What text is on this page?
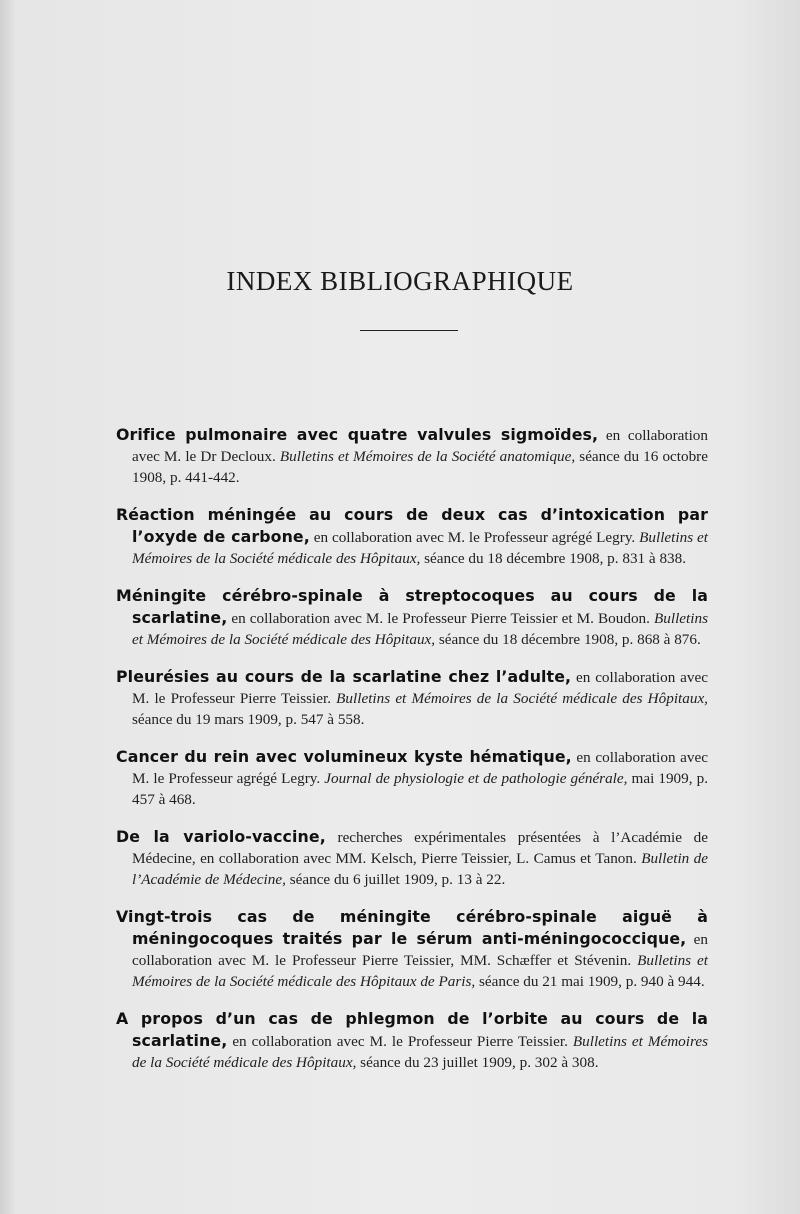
INDEX BIBLIOGRAPHIQUE

Orifice pulmonaire avec quatre valvules sigmoïdes, en collaboration avec M. le Dr Decloux. Bulletins et Mémoires de la Société anatomique, séance du 16 octobre 1908, p. 441-442.

Réaction méningée au cours de deux cas d’intoxication par l’oxyde de carbone, en collaboration avec M. le Professeur agrégé Legry. Bulletins et Mémoires de la Société médicale des Hôpitaux, séance du 18 décembre 1908, p. 831 à 838.

Méningite cérébro-spinale à streptocoques au cours de la scarlatine, en collaboration avec M. le Professeur Pierre Teissier et M. Boudon. Bulletins et Mémoires de la Société médicale des Hôpitaux, séance du 18 décembre 1908, p. 868 à 876.

Pleurésies au cours de la scarlatine chez l’adulte, en collaboration avec M. le Professeur Pierre Teissier. Bulletins et Mémoires de la Société médicale des Hôpitaux, séance du 19 mars 1909, p. 547 à 558.

Cancer du rein avec volumineux kyste hématique, en collaboration avec M. le Professeur agrégé Legry. Journal de physiologie et de pathologie générale, mai 1909, p. 457 à 468.

De la variolo-vaccine, recherches expérimentales présentées à l’Académie de Médecine, en collaboration avec MM. Kelsch, Pierre Teissier, L. Camus et Tanon. Bulletin de l’Académie de Médecine, séance du 6 juillet 1909, p. 13 à 22.

Vingt-trois cas de méningite cérébro-spinale aiguë à méningocoques traités par le sérum anti-méningococcique, en collaboration avec M. le Professeur Pierre Teissier, MM. Schæffer et Stévenin. Bulletins et Mémoires de la Société médicale des Hôpitaux de Paris, séance du 21 mai 1909, p. 940 à 944.

A propos d’un cas de phlegmon de l’orbite au cours de la scarlatine, en collaboration avec M. le Professeur Pierre Teissier. Bulletins et Mémoires de la Société médicale des Hôpitaux, séance du 23 juillet 1909, p. 302 à 308.
